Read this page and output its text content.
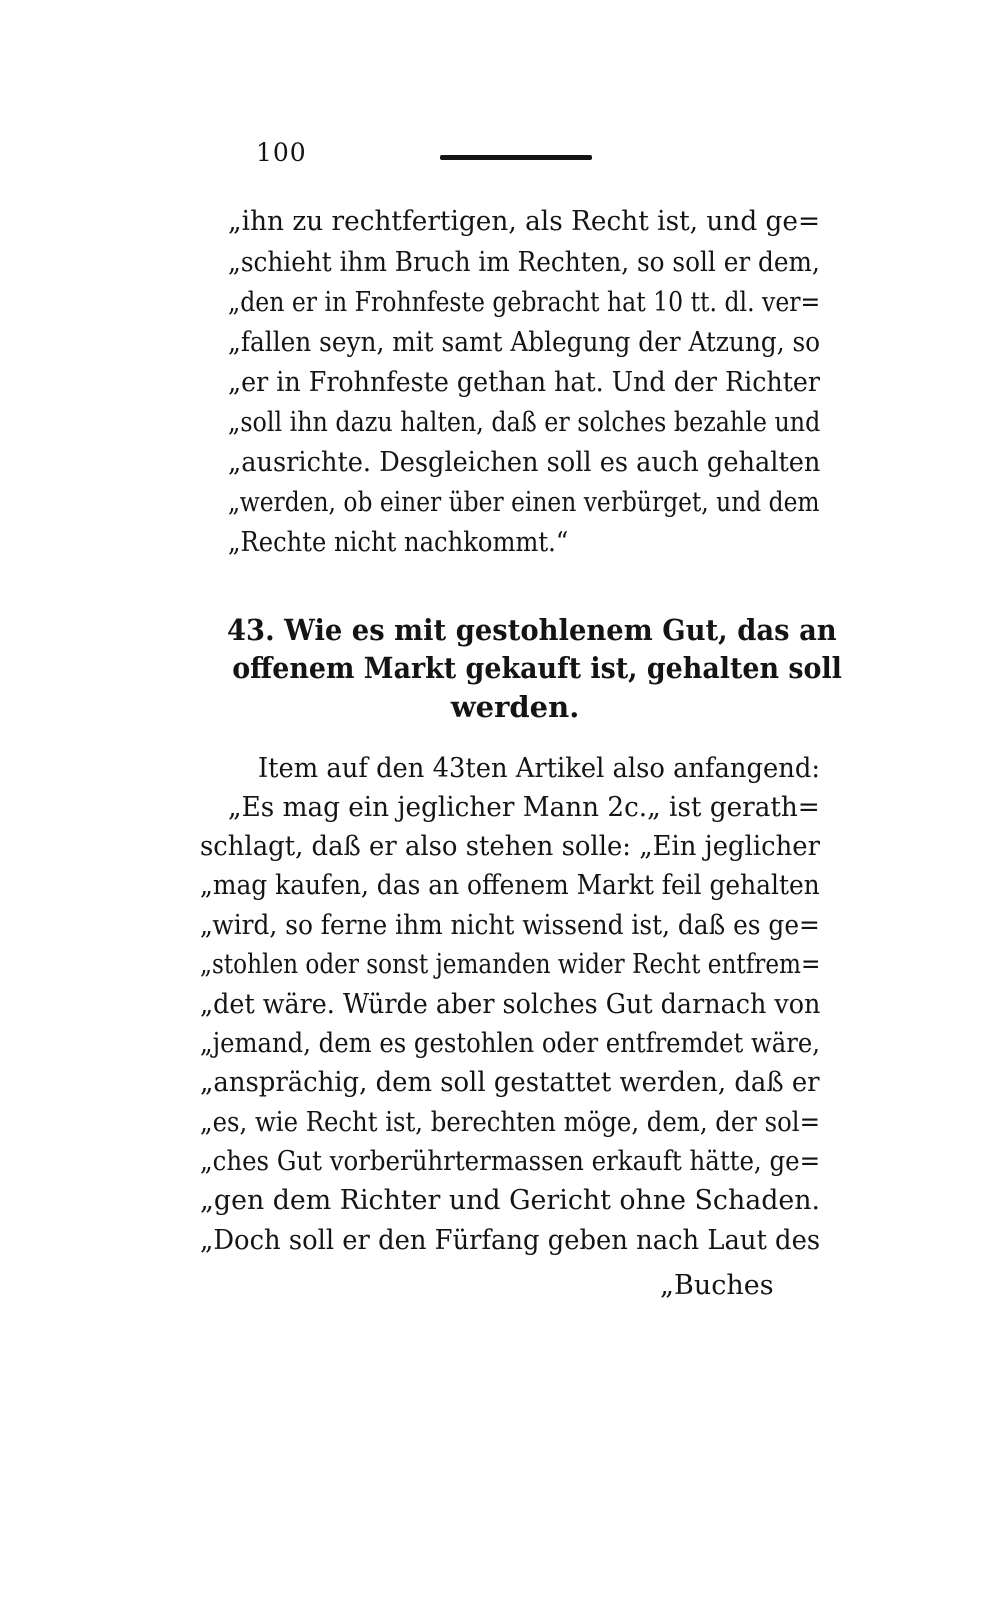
100
„ihn zu rechtfertigen, als Recht ist, und ge=
„schieht ihm Bruch im Rechten, so soll er dem,
„den er in Frohnfeste gebracht hat 10 tt. dl. ver=
„fallen seyn, mit samt Ablegung der Atzung, so
„er in Frohnfeste gethan hat. Und der Richter
„soll ihn dazu halten, daß er solches bezahle und
„ausrichte. Desgleichen soll es auch gehalten
„werden, ob einer über einen verbürget, und dem
„Rechte nicht nachkommt.“
43. Wie es mit gestohlenem Gut, das an
offenem Markt gekauft ist, gehalten soll
werden.
Item auf den 43ten Artikel also anfangend:
„Es mag ein jeglicher Mann 2c.„ ist gerath=
schlagt, daß er also stehen solle: „Ein jeglicher
„mag kaufen, das an offenem Markt feil gehalten
„wird, so ferne ihm nicht wissend ist, daß es ge=
„stohlen oder sonst jemanden wider Recht entfrem=
„det wäre. Würde aber solches Gut darnach von
„jemand, dem es gestohlen oder entfremdet wäre,
„ansprächig, dem soll gestattet werden, daß er
„es, wie Recht ist, berechten möge, dem, der sol=
„ches Gut vorberührtermassen erkauft hätte, ge=
„gen dem Richter und Gericht ohne Schaden.
„Doch soll er den Fürfang geben nach Laut des
„Buches
